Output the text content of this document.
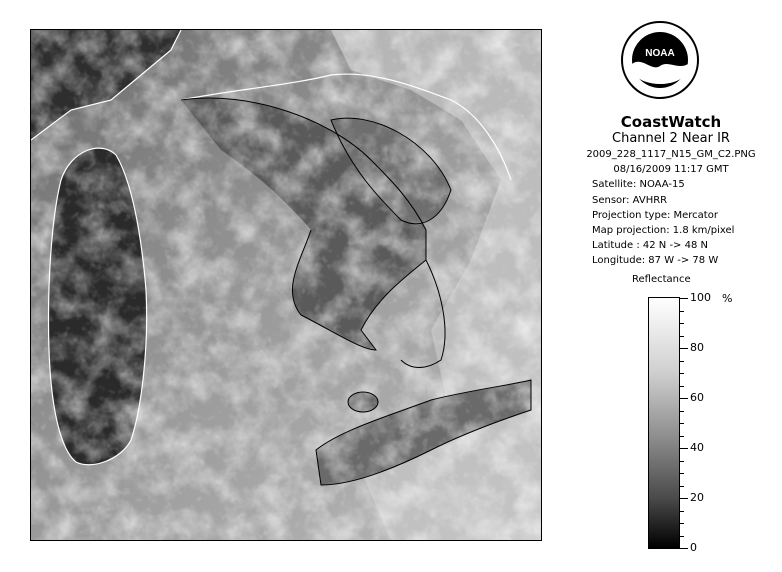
NOAA
CoastWatch
Channel 2 Near IR
2009_228_1117_N15_GM_C2.PNG
08/16/2009 11:17 GMT
Satellite: NOAA-15
Sensor: AVHRR
Projection type: Mercator
Map projection: 1.8 km/pixel
Latitude : 42 N -> 48 N
Longitude: 87 W -> 78 W
Reflectance
%
100
80
60
40
20
0
